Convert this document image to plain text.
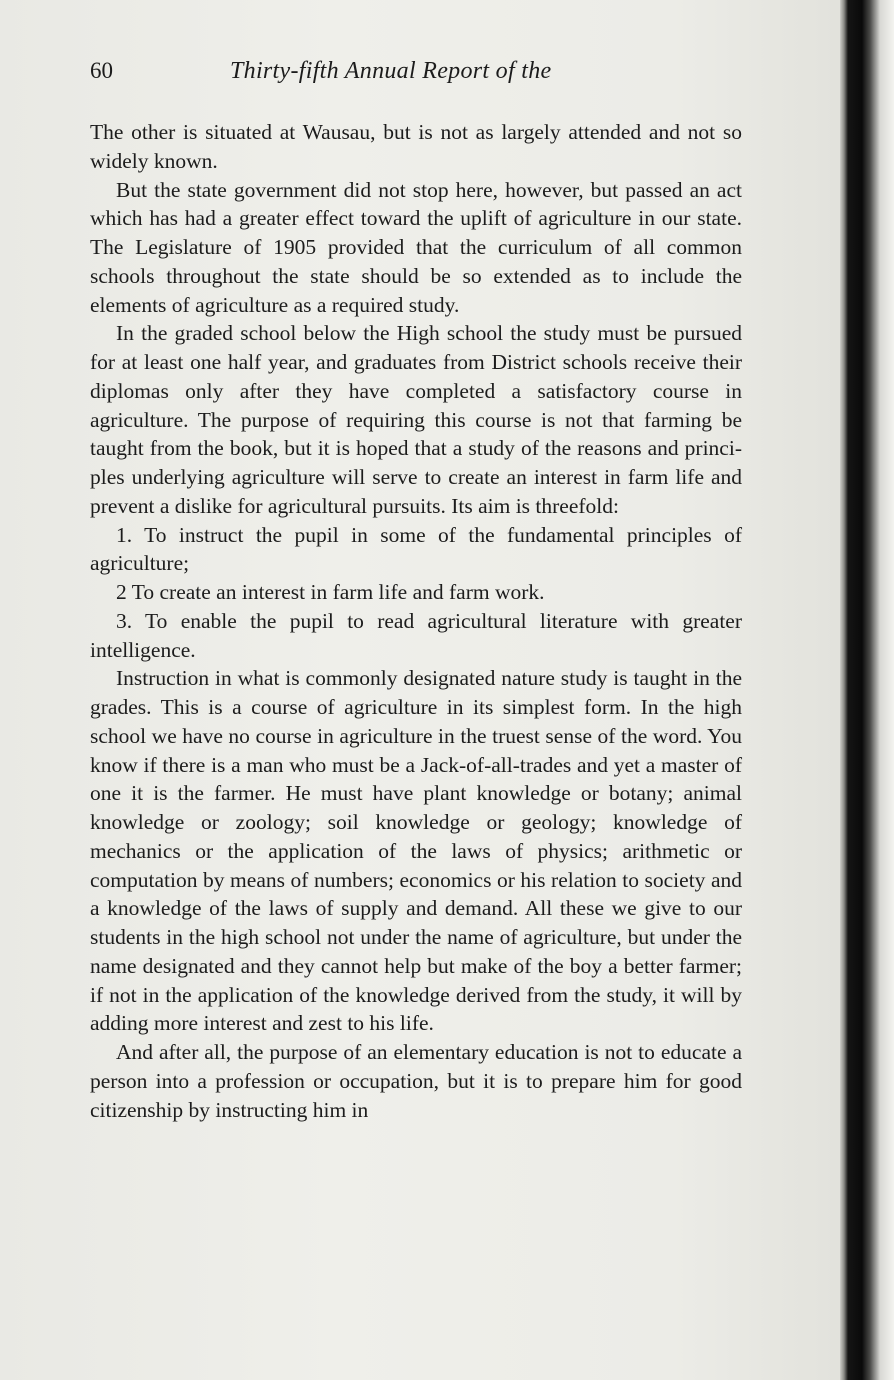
60	Thirty-fifth Annual Report of the

The other is situated at Wausau, but is not as largely attended and not so widely known.

But the state government did not stop here, however, but passed an act which has had a greater effect toward the uplift of agriculture in our state. The Legislature of 1905 provided that the curriculum of all common schools throughout the state should be so extended as to include the elements of agriculture as a required study.

In the graded school below the High school the study must be pursued for at least one half year, and graduates from District schools receive their diplomas only after they have completed a satisfactory course in agriculture. The purpose of requiring this course is not that farming be taught from the book, but it is hoped that a study of the reasons and principles underlying agriculture will serve to create an interest in farm life and prevent a dislike for agricultural pursuits. Its aim is threefold:

1. To instruct the pupil in some of the fundamental principles of agriculture;

2 To create an interest in farm life and farm work.

3. To enable the pupil to read agricultural literature with greater intelligence.

Instruction in what is commonly designated nature study is taught in the grades. This is a course of agriculture in its simplest form. In the high school we have no course in agriculture in the truest sense of the word. You know if there is a man who must be a Jack-of-all-trades and yet a master of one it is the farmer. He must have plant knowledge or botany; animal knowledge or zoology; soil knowledge or geology; knowledge of mechanics or the application of the laws of physics; arithmetic or computation by means of numbers; economics or his relation to society and a knowledge of the laws of supply and demand. All these we give to our students in the high school not under the name of agriculture, but under the name designated and they cannot help but make of the boy a better farmer; if not in the application of the knowledge derived from the study, it will by adding more interest and zest to his life.

And after all, the purpose of an elementary education is not to educate a person into a profession or occupation, but it is to prepare him for good citizenship by instructing him in
